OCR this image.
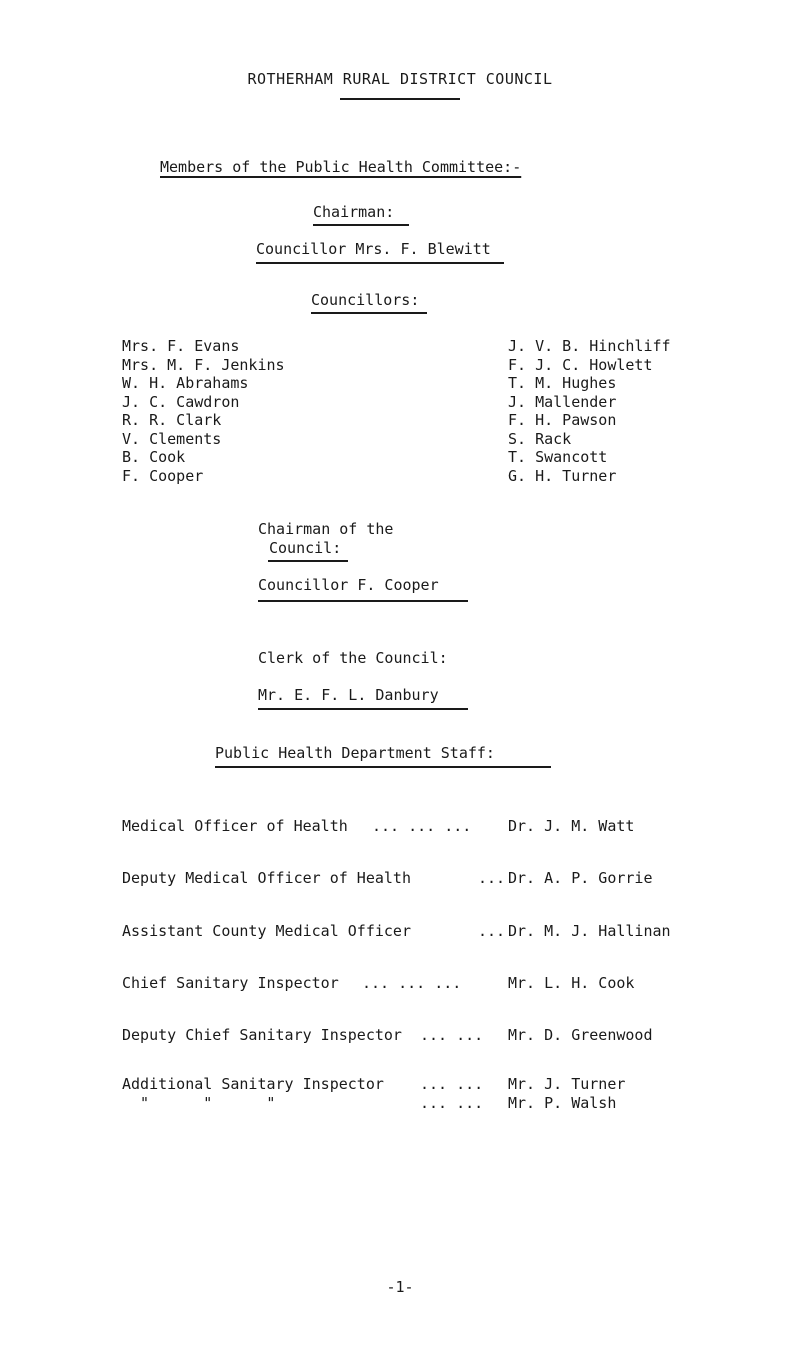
ROTHERHAM RURAL DISTRICT COUNCIL
Members of the Public Health Committee:-
Chairman:
Councillor Mrs. F. Blewitt
Councillors:
Mrs. F. Evans
Mrs. M. F. Jenkins
W. H. Abrahams
J. C. Cawdron
R. R. Clark
V. Clements
B. Cook
F. Cooper
J. V. B. Hinchliff
F. J. C. Howlett
T. M. Hughes
J. Mallender
F. H. Pawson
S. Rack
T. Swancott
G. H. Turner
Chairman of the
Council:
Councillor F. Cooper
Clerk of the Council:
Mr. E. F. L. Danbury
Public Health Department Staff:
Medical Officer of Health ... ... ... Dr. J. M. Watt
Deputy Medical Officer of Health	... Dr. A. P. Gorrie
Assistant County Medical Officer	... Dr. M. J. Hallinan
Chief Sanitary Inspector ... ... ...	Mr. L. H. Cook
Deputy Chief Sanitary Inspector ... ... Mr. D. Greenwood
Additional Sanitary Inspector ... ... Mr. J. Turner
"      "      "	... ... Mr. P. Walsh
-1-
